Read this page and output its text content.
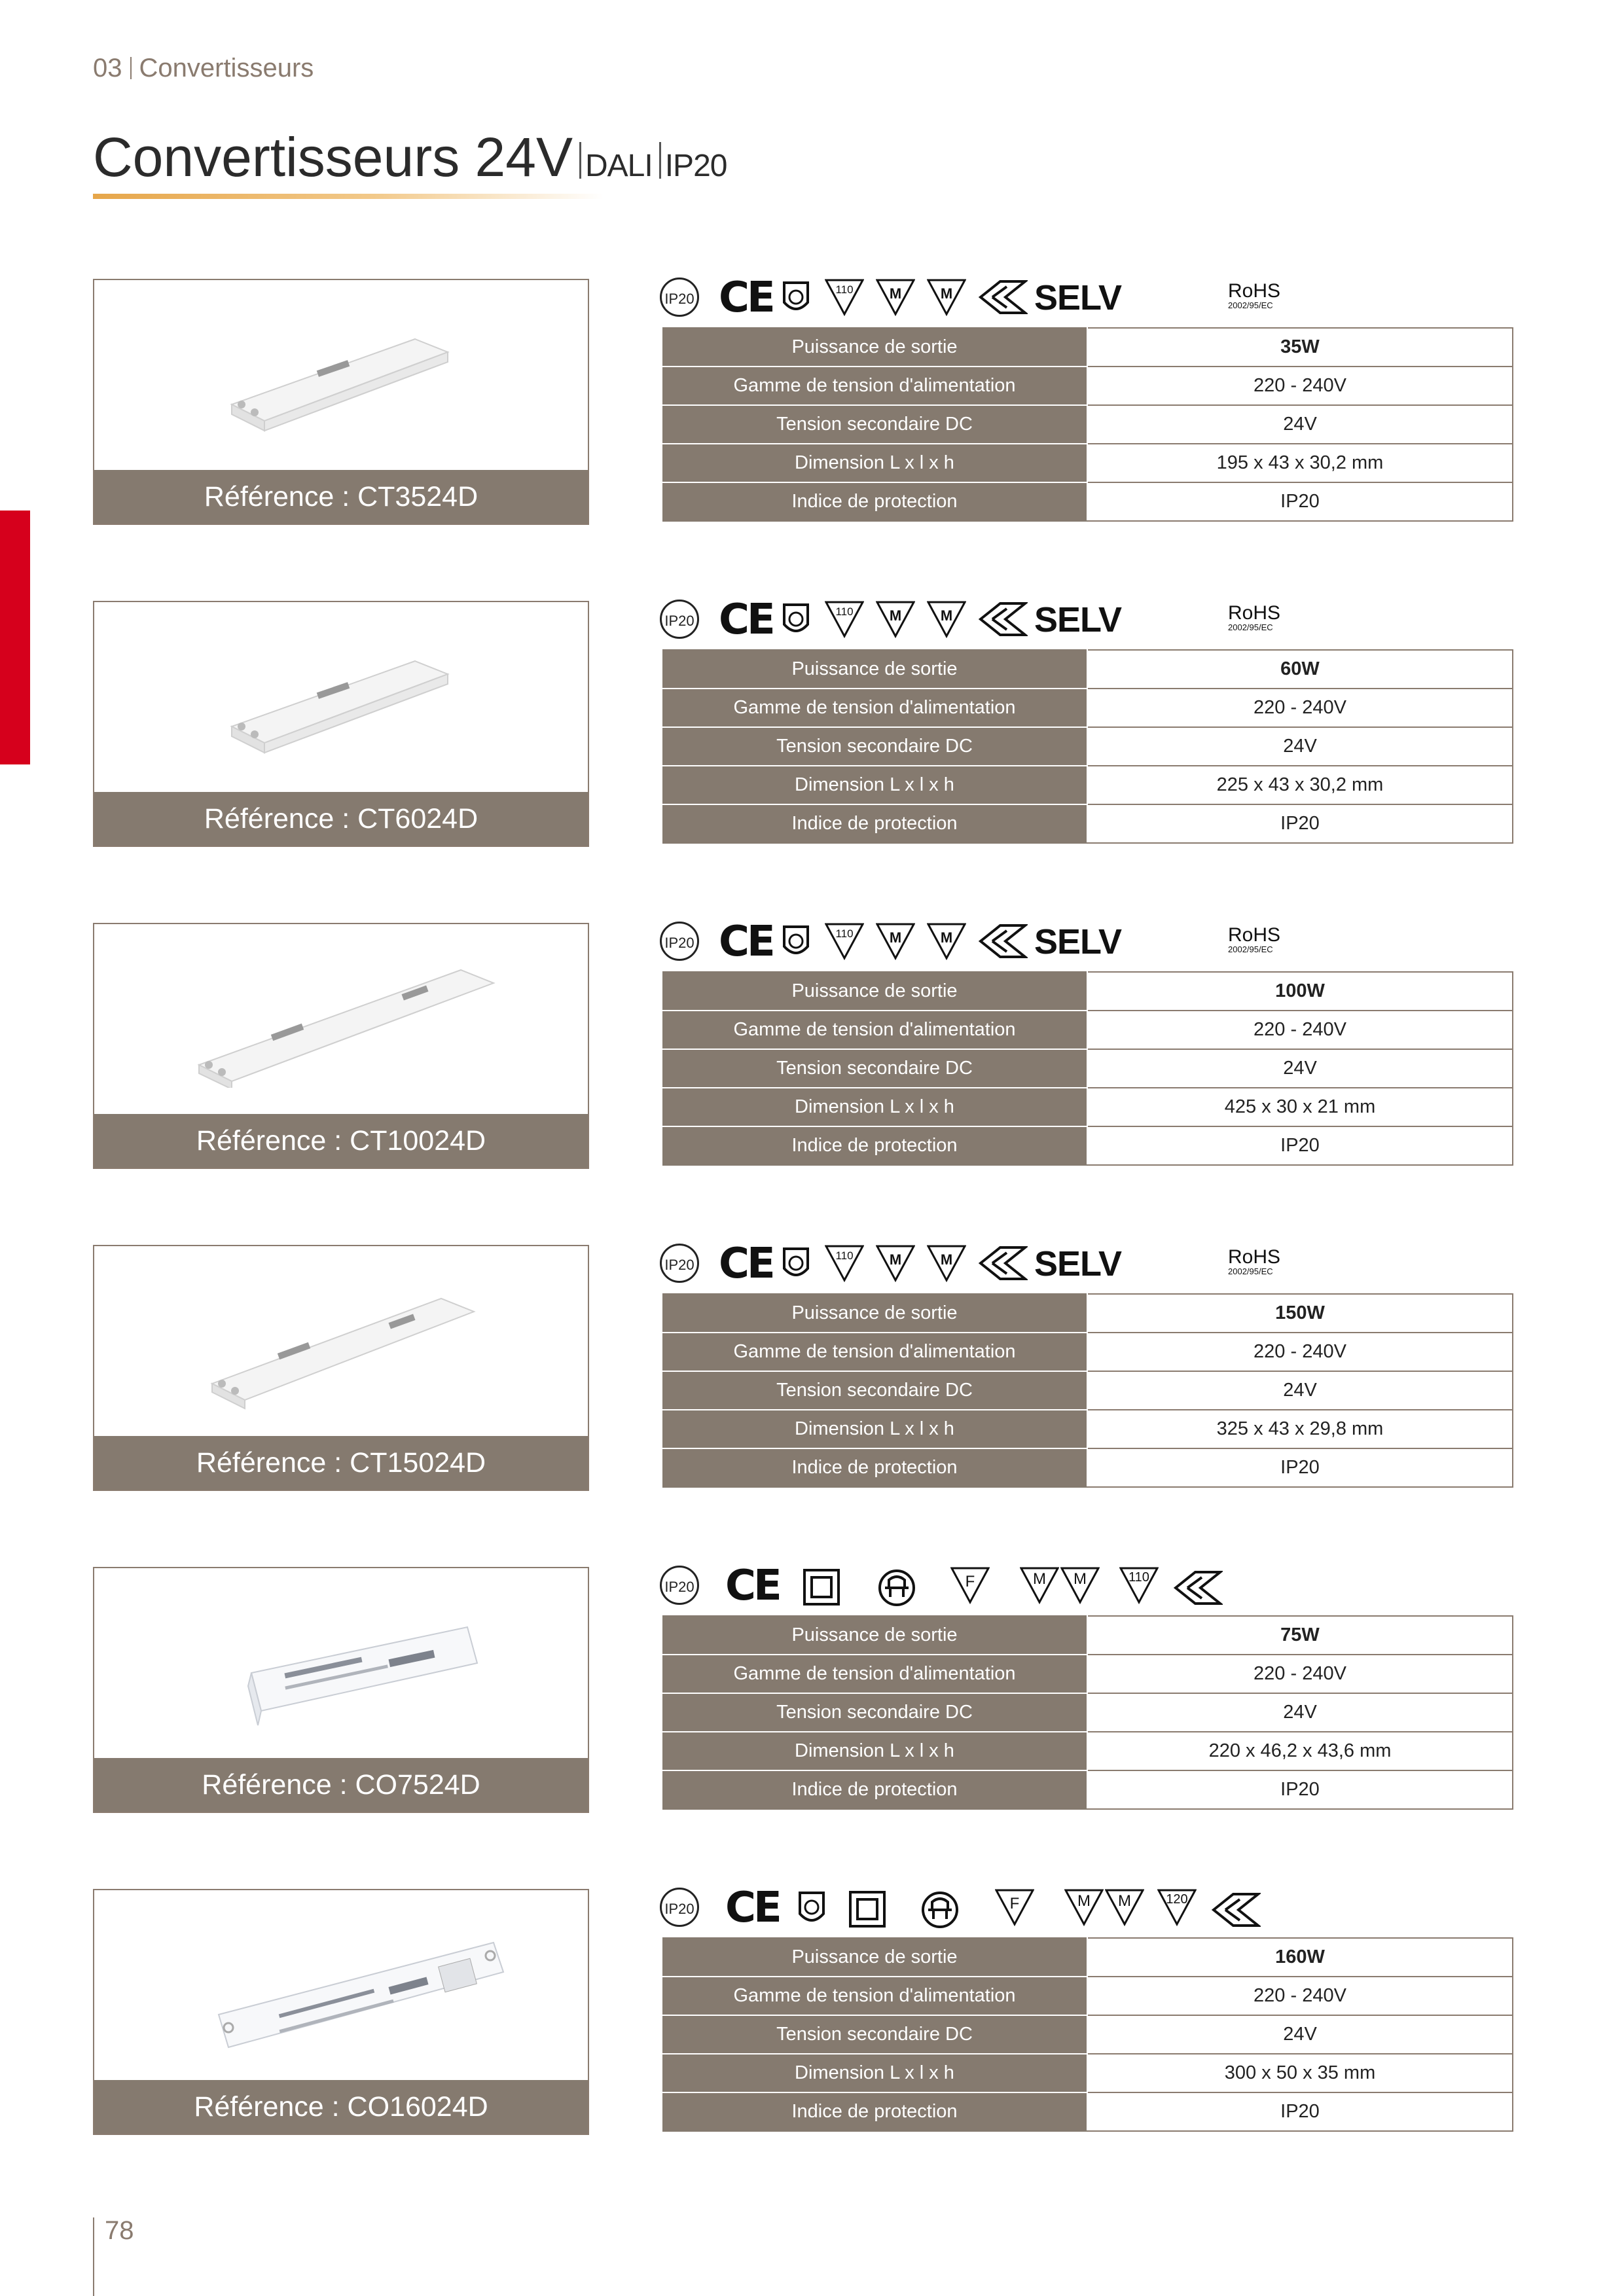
03 Convertisseurs
Convertisseurs 24V DALI IP20
Référence : CT3524D
IP20 CE	110	M	M SELV	RoHS
2002/95/EC
Puissance de sortie	35W
Gamme de tension d'alimentation	220 - 240V
Tension secondaire DC	24V
Dimension L x l x h	195 x 43 x 30,2 mm
Indice de protection	IP20
Référence : CT6024D
IP20 CE	110	M	M SELV	RoHS
2002/95/EC
Puissance de sortie	60W
Gamme de tension d'alimentation	220 - 240V
Tension secondaire DC	24V
Dimension L x l x h	225 x 43 x 30,2 mm
Indice de protection	IP20
Référence : CT10024D
IP20 CE	110	M	M SELV	RoHS
2002/95/EC
Puissance de sortie	100W
Gamme de tension d'alimentation	220 - 240V
Tension secondaire DC	24V
Dimension L x l x h	425 x 30 x 21 mm
Indice de protection	IP20
Référence : CT15024D
IP20 CE	110	M	M SELV	RoHS
2002/95/EC
Puissance de sortie	150W
Gamme de tension d'alimentation	220 - 240V
Tension secondaire DC	24V
Dimension L x l x h	325 x 43 x 29,8 mm
Indice de protection	IP20
Référence : CO7524D
IP20 CE	F	M M	110
Puissance de sortie	75W
Gamme de tension d'alimentation	220 - 240V
Tension secondaire DC	24V
Dimension L x l x h	220 x 46,2 x 43,6 mm
Indice de protection	IP20
Référence : CO16024D
IP20 CE	F	M M	120
Puissance de sortie	160W
Gamme de tension d'alimentation	220 - 240V
Tension secondaire DC	24V
Dimension L x l x h	300 x 50 x 35 mm
Indice de protection	IP20
78
